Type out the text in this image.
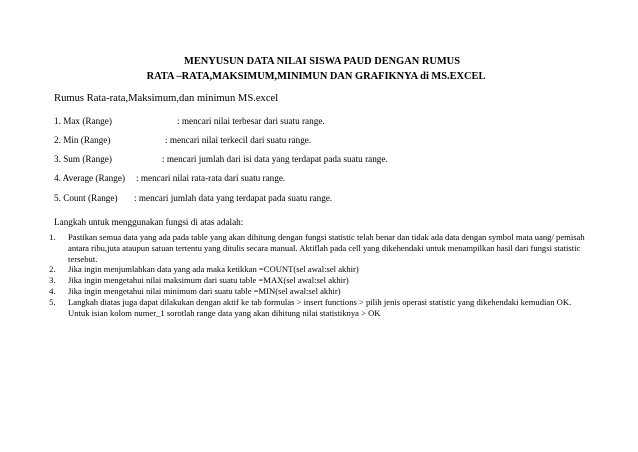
MENYUSUN DATA NILAI SISWA PAUD DENGAN RUMUS
RATA –RATA,MAKSIMUM,MINIMUN DAN GRAFIKNYA di MS.EXCEL
Rumus Rata-rata,Maksimum,dan minimun MS.excel
1. Max (Range)	: mencari nilai terbesar dari suatu range.
2. Min (Range)	: mencari nilai terkecil dari suatu range.
3. Sum (Range)	: mencari jumlah dari isi data yang terdapat pada suatu range.
4. Average (Range) : mencari nilai rata-rata dari suatu range.
5. Count (Range) : mencari jumlah data yang terdapat pada suatu range.
Langkah untuk menggunakan fungsi di atas adalah:
1. Pastikan semua data yang ada pada table yang akan dihitung dengan fungsi statistic telah benar dan tidak ada data dengan symbol mata uang/ pemisah antara ribu,juta ataupun satuan tertentu yang ditulis secara manual. Aktiflah pada cell yang dikehendaki untuk menampilkan hasil dari fungsi statistic tersebut.
2. Jika ingin menjumlahkan data yang ada maka ketikkan =COUNT(sel awal:sel akhir)
3. Jika ingin mengetahui nilai maksimum dari suatu table =MAX(sel awal:sel akhir)
4. Jika ingin mengetahui nilai minimum dari suatu table =MIN(sel awal:sel akhir)
5. Langkah diatas juga dapat dilakukan dengan aktif ke tab formulas > insert functions > pilih jenis operasi statistic yang dikehendaki kemudian OK. Untuk isian kolom numer_1 sorotlah range data yang akan dihitung nilai statistiknya > OK
